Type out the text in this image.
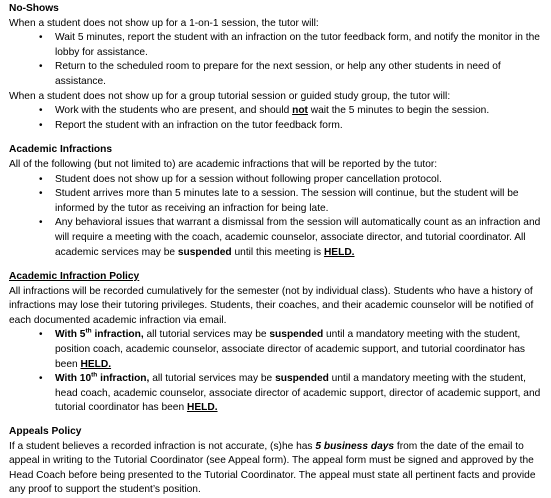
No-Shows

When a student does not show up for a 1-on-1 session, the tutor will:

• Wait 5 minutes, report the student with an infraction on the tutor feedback form, and notify the monitor in the lobby for assistance.
• Return to the scheduled room to prepare for the next session, or help any other students in need of assistance.

When a student does not show up for a group tutorial session or guided study group, the tutor will:

• Work with the students who are present, and should not wait the 5 minutes to begin the session.
• Report the student with an infraction on the tutor feedback form.

Academic Infractions

All of the following (but not limited to) are academic infractions that will be reported by the tutor:

• Student does not show up for a session without following proper cancellation protocol.
• Student arrives more than 5 minutes late to a session. The session will continue, but the student will be informed by the tutor as receiving an infraction for being late.
• Any behavioral issues that warrant a dismissal from the session will automatically count as an infraction and will require a meeting with the coach, academic counselor, associate director, and tutorial coordinator. All academic services may be suspended until this meeting is HELD.

Academic Infraction Policy

All infractions will be recorded cumulatively for the semester (not by individual class). Students who have a history of infractions may lose their tutoring privileges. Students, their coaches, and their academic counselor will be notified of each documented academic infraction via email.

• With 5th infraction, all tutorial services may be suspended until a mandatory meeting with the student, position coach, academic counselor, associate director of academic support, and tutorial coordinator has been HELD.
• With 10th infraction, all tutorial services may be suspended until a mandatory meeting with the student, head coach, academic counselor, associate director of academic support, director of academic support, and tutorial coordinator has been HELD.

Appeals Policy

If a student believes a recorded infraction is not accurate, (s)he has 5 business days from the date of the email to appeal in writing to the Tutorial Coordinator (see Appeal form). The appeal form must be signed and approved by the Head Coach before being presented to the Tutorial Coordinator. The appeal must state all pertinent facts and provide any proof to support the student’s position.
